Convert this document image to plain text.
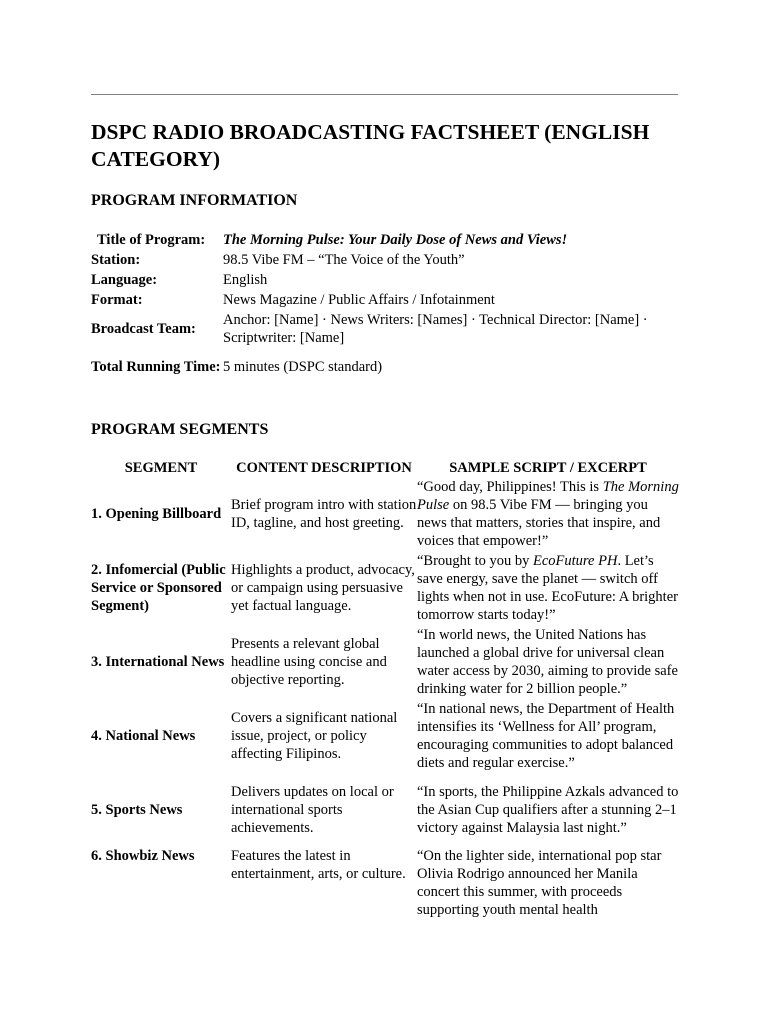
DSPC RADIO BROADCASTING FACTSHEET (ENGLISH CATEGORY)
PROGRAM INFORMATION
Title of Program:	The Morning Pulse: Your Daily Dose of News and Views!
Station:	98.5 Vibe FM – “The Voice of the Youth”
Language:	English
Format:	News Magazine / Public Affairs / Infotainment
Broadcast Team:	Anchor: [Name] · News Writers: [Names] · Technical Director: [Name] · Scriptwriter: [Name]
Total Running Time:	5 minutes (DSPC standard)
PROGRAM SEGMENTS
SEGMENT	CONTENT DESCRIPTION	SAMPLE SCRIPT / EXCERPT
1. Opening Billboard	Brief program intro with station ID, tagline, and host greeting.	“Good day, Philippines! This is The Morning Pulse on 98.5 Vibe FM — bringing you news that matters, stories that inspire, and voices that empower!”
2. Infomercial (Public Service or Sponsored Segment)	Highlights a product, advocacy, or campaign using persuasive yet factual language.	“Brought to you by EcoFuture PH. Let’s save energy, save the planet — switch off lights when not in use. EcoFuture: A brighter tomorrow starts today!”
3. International News	Presents a relevant global headline using concise and objective reporting.	“In world news, the United Nations has launched a global drive for universal clean water access by 2030, aiming to provide safe drinking water for 2 billion people.”
4. National News	Covers a significant national issue, project, or policy affecting Filipinos.	“In national news, the Department of Health intensifies its ‘Wellness for All’ program, encouraging communities to adopt balanced diets and regular exercise.”
5. Sports News	Delivers updates on local or international sports achievements.	“In sports, the Philippine Azkals advanced to the Asian Cup qualifiers after a stunning 2–1 victory against Malaysia last night.”
6. Showbiz News	Features the latest in entertainment, arts, or culture.	“On the lighter side, international pop star Olivia Rodrigo announced her Manila concert this summer, with proceeds supporting youth mental health
